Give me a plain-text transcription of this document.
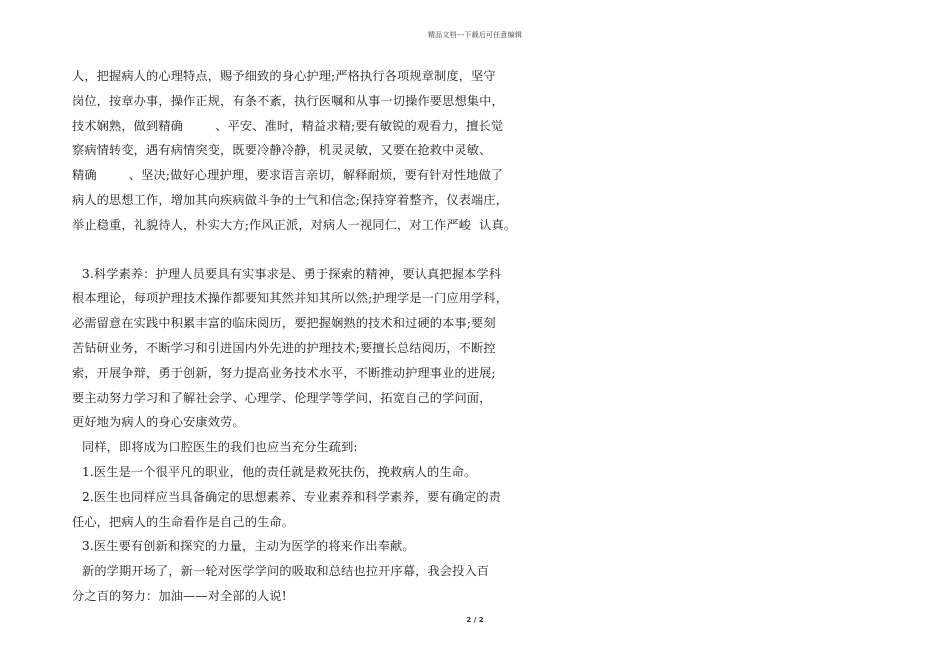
精品文档---下载后可任意编辑
人，把握病人的心理特点，赐予细致的身心护理;严格执行各项规章制度，坚守
岗位，按章办事，操作正规，有条不紊，执行医嘱和从事一切操作要思想集中，
技术娴熟，做到精确        、平安、准时，精益求精;要有敏锐的观看力，擅长觉
察病情转变，遇有病情突变，既要冷静冷静，机灵灵敏，又要在抢救中灵敏、
精确        、坚决;做好心理护理，要求语言亲切，解释耐烦，要有针对性地做了
病人的思想工作，增加其向疾病做斗争的士气和信念;保持穿着整齐，仪表端庄，
举止稳重，礼貌待人，朴实大方;作风正派，对病人一视同仁，对工作严峻  认真。
3.科学素养：护理人员要具有实事求是、勇于探索的精神，要认真把握本学科
根本理论，每项护理技术操作都要知其然并知其所以然;护理学是一门应用学科，
必需留意在实践中积累丰富的临床阅历，要把握娴熟的技术和过硬的本事;要刻
苦钻研业务，不断学习和引进国内外先进的护理技术;要擅长总结阅历，不断控
索，开展争辩，勇于创新，努力提高业务技术水平，不断推动护理事业的进展;
要主动努力学习和了解社会学、心理学、伦理学等学问，拓宽自己的学问面，
更好地为病人的身心安康效劳。
同样，即将成为口腔医生的我们也应当充分生疏到:
1.医生是一个很平凡的职业，他的责任就是救死扶伤，挽救病人的生命。
2.医生也同样应当具备确定的思想素养、专业素养和科学素养，要有确定的责
任心，把病人的生命看作是自己的生命。
3.医生要有创新和探究的力量，主动为医学的将来作出奉献。
新的学期开场了，新一轮对医学学问的吸取和总结也拉开序幕，我会投入百
分之百的努力：加油——对全部的人说!
2 / 2
